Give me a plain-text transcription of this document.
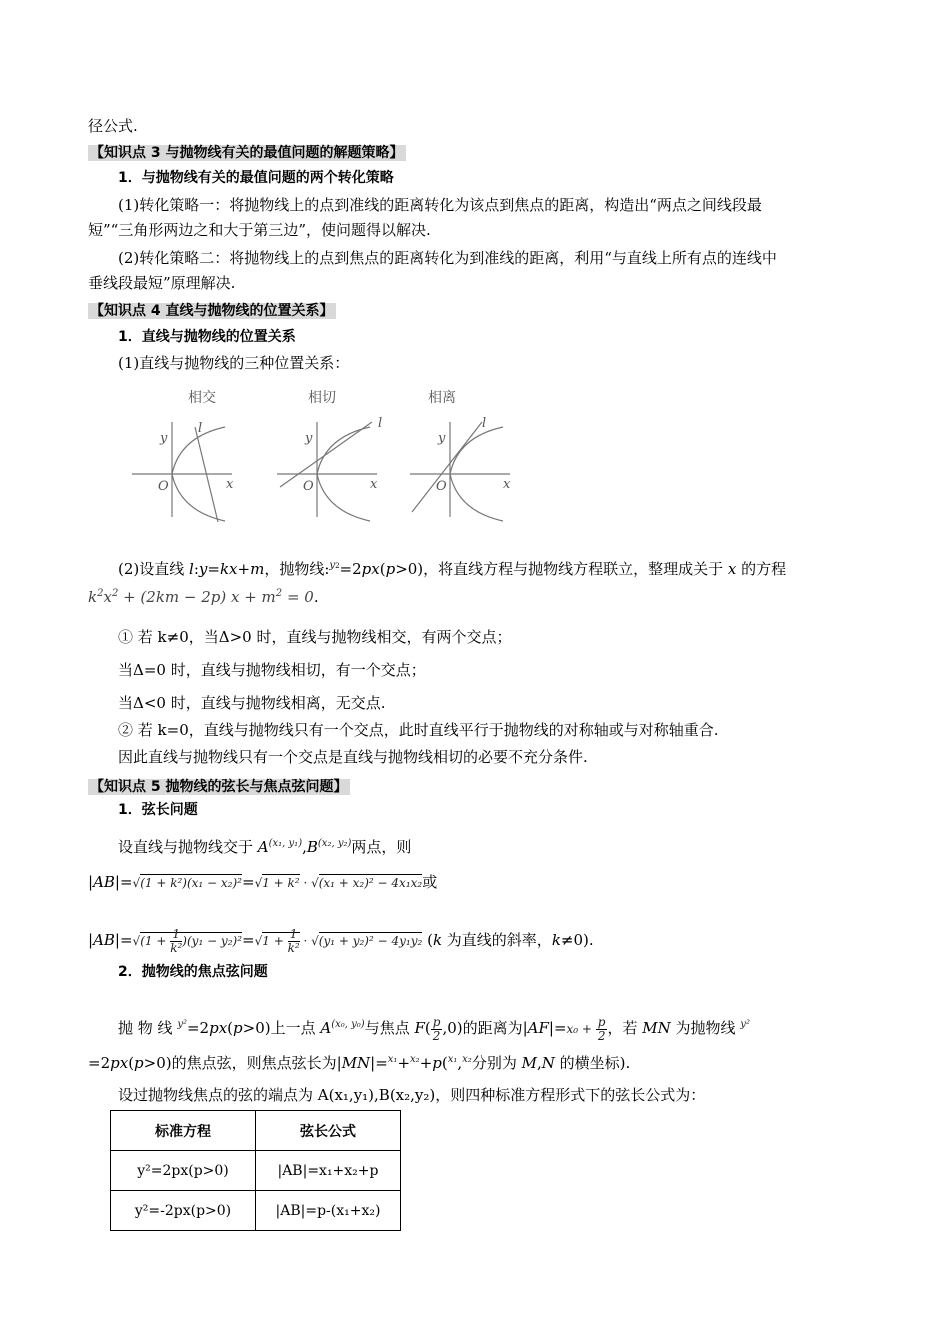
径公式.
【知识点 3 与抛物线有关的最值问题的解题策略】
1．与抛物线有关的最值问题的两个转化策略
(1)转化策略一：将抛物线上的点到准线的距离转化为该点到焦点的距离，构造出“两点之间线段最
短”“三角形两边之和大于第三边”，使问题得以解决.
(2)转化策略二：将抛物线上的点到焦点的距离转化为到准线的距离，利用“与直线上所有点的连线中
垂线段最短”原理解决.
【知识点 4 直线与抛物线的位置关系】
1．直线与抛物线的位置关系
(1)直线与抛物线的三种位置关系：
相交	相切	相离
y
l
O	x
y
l
O	x
y
l
O	x
(2)设直线 l:y=kx+m，抛物线:$^{y2}$=2px(p>0)，将直线方程与抛物线方程联立，整理成关于 x 的方程
$k^2x^2 + (2km - 2p) x + m^2 = 0$.
① 若 k≠0，当Δ>0 时，直线与抛物线相交，有两个交点；
当Δ=0 时，直线与抛物线相切，有一个交点；
当Δ<0 时，直线与抛物线相离，无交点.
② 若 k=0，直线与抛物线只有一个交点，此时直线平行于抛物线的对称轴或与对称轴重合.
因此直线与抛物线只有一个交点是直线与抛物线相切的必要不充分条件.
【知识点 5 抛物线的弦长与焦点弦问题】
1．弦长问题
设直线与抛物线交于 $A^{(x_1, y_1)},B^{(x_2, y_2)}$两点，则
|AB|=√(1 + k²)(x₁ − x₂)²=√1 + k² · √(x₁ + x₂)² − 4x₁x₂或
$|AB|=√(1 + \frac{1}{\text{k²}} )(y_1 - y_2)^2=√1 + \frac{1}{\text{k²}} \cdot √(y_1 + y_2)^2 - 4y_1y_2$ (k 为直线的斜率，k≠0).
2．抛物线的焦点弦问题
抛 物 线 $^{y^2}$=2px(p>0)上一点 $A^{(x_0, y_0)}$与焦点 $F( \frac{p}{2} ,0)$的距离为$|AF|=x_0 + \frac{p}{2}$ ，若 MN 为抛物线 $^{y^2}$
=2px(p>0)的焦点弦，则焦点弦长为|MN|=$^{x_1}$+$^{x_2}$+p($^{x_1}$,$^{x_2}$分别为 M,N 的横坐标).
设过抛物线焦点的弦的端点为 A(x₁,y₁),B(x₂,y₂)，则四种标准方程形式下的弦长公式为：
标准方程	弦长公式
y²=2px(p>0)	|AB|=x₁+x₂+p
y²=-2px(p>0)	|AB|=p-(x₁+x₂)
